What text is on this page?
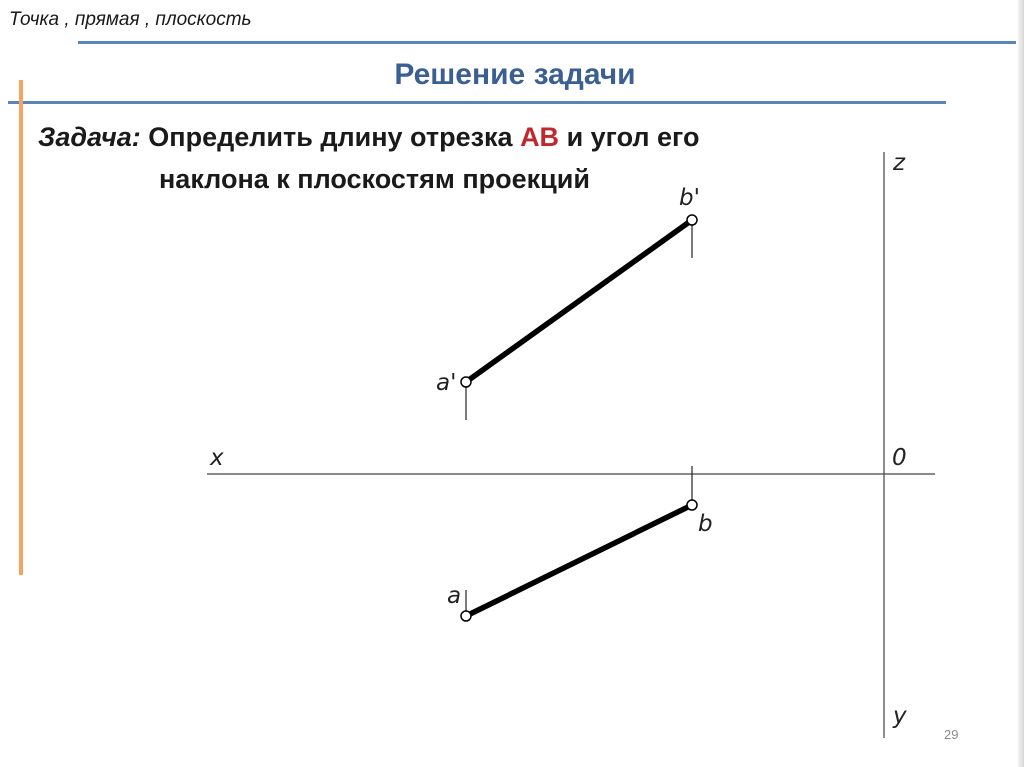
Точка , прямая , плоскость
Решение задачи
Задача: Определить длину отрезка AB и угол его
наклона к плоскостям проекций
x
z
y
0
b'
a'
b
a
29
